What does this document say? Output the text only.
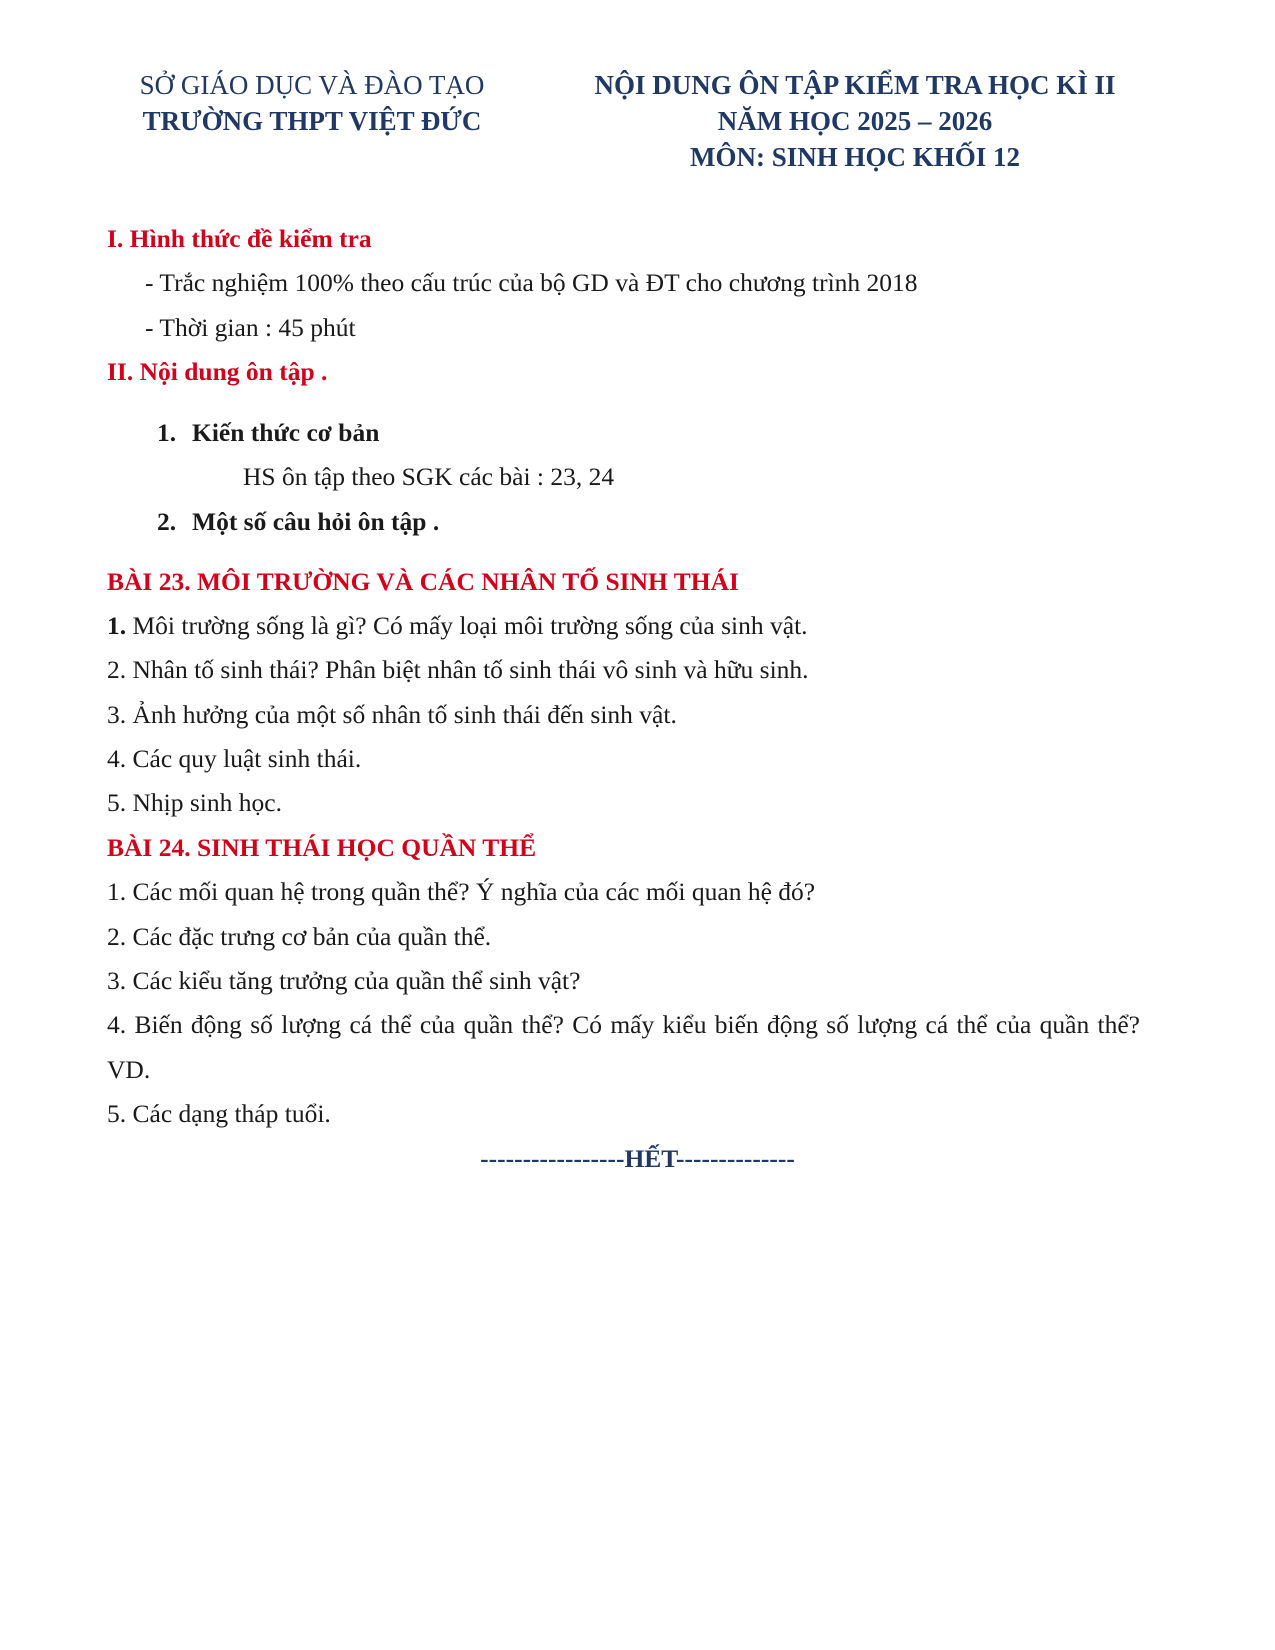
SỞ GIÁO DỤC VÀ ĐÀO TẠO
TRƯỜNG THPT VIỆT ĐỨC
NỘI DUNG ÔN TẬP KIỂM TRA HỌC KÌ II
NĂM HỌC 2025 – 2026
MÔN: SINH HỌC KHỐI 12
I. Hình thức đề kiểm tra
- Trắc nghiệm 100% theo cấu trúc của bộ GD và ĐT cho chương trình 2018
- Thời gian : 45 phút
II. Nội dung ôn tập .
1. Kiến thức cơ bản
HS ôn tập theo SGK các bài : 23, 24
2. Một số câu hỏi ôn tập .
BÀI 23. MÔI TRƯỜNG VÀ CÁC NHÂN TỐ SINH THÁI
1. Môi trường sống là gì? Có mấy loại môi trường sống của sinh vật.
2. Nhân tố sinh thái? Phân biệt nhân tố sinh thái vô sinh và hữu sinh.
3. Ảnh hưởng của một số nhân tố sinh thái đến sinh vật.
4. Các quy luật sinh thái.
5. Nhịp sinh học.
BÀI 24. SINH THÁI HỌC QUẦN THỂ
1. Các mối quan hệ trong quần thể? Ý nghĩa của các mối quan hệ đó?
2. Các đặc trưng cơ bản của quần thể.
3. Các kiểu tăng trưởng của quần thể sinh vật?
4. Biến động số lượng cá thể của quần thể? Có mấy kiểu biến động số lượng cá thể của quần thể?
VD.
5. Các dạng tháp tuổi.
-----------------HẾT--------------
